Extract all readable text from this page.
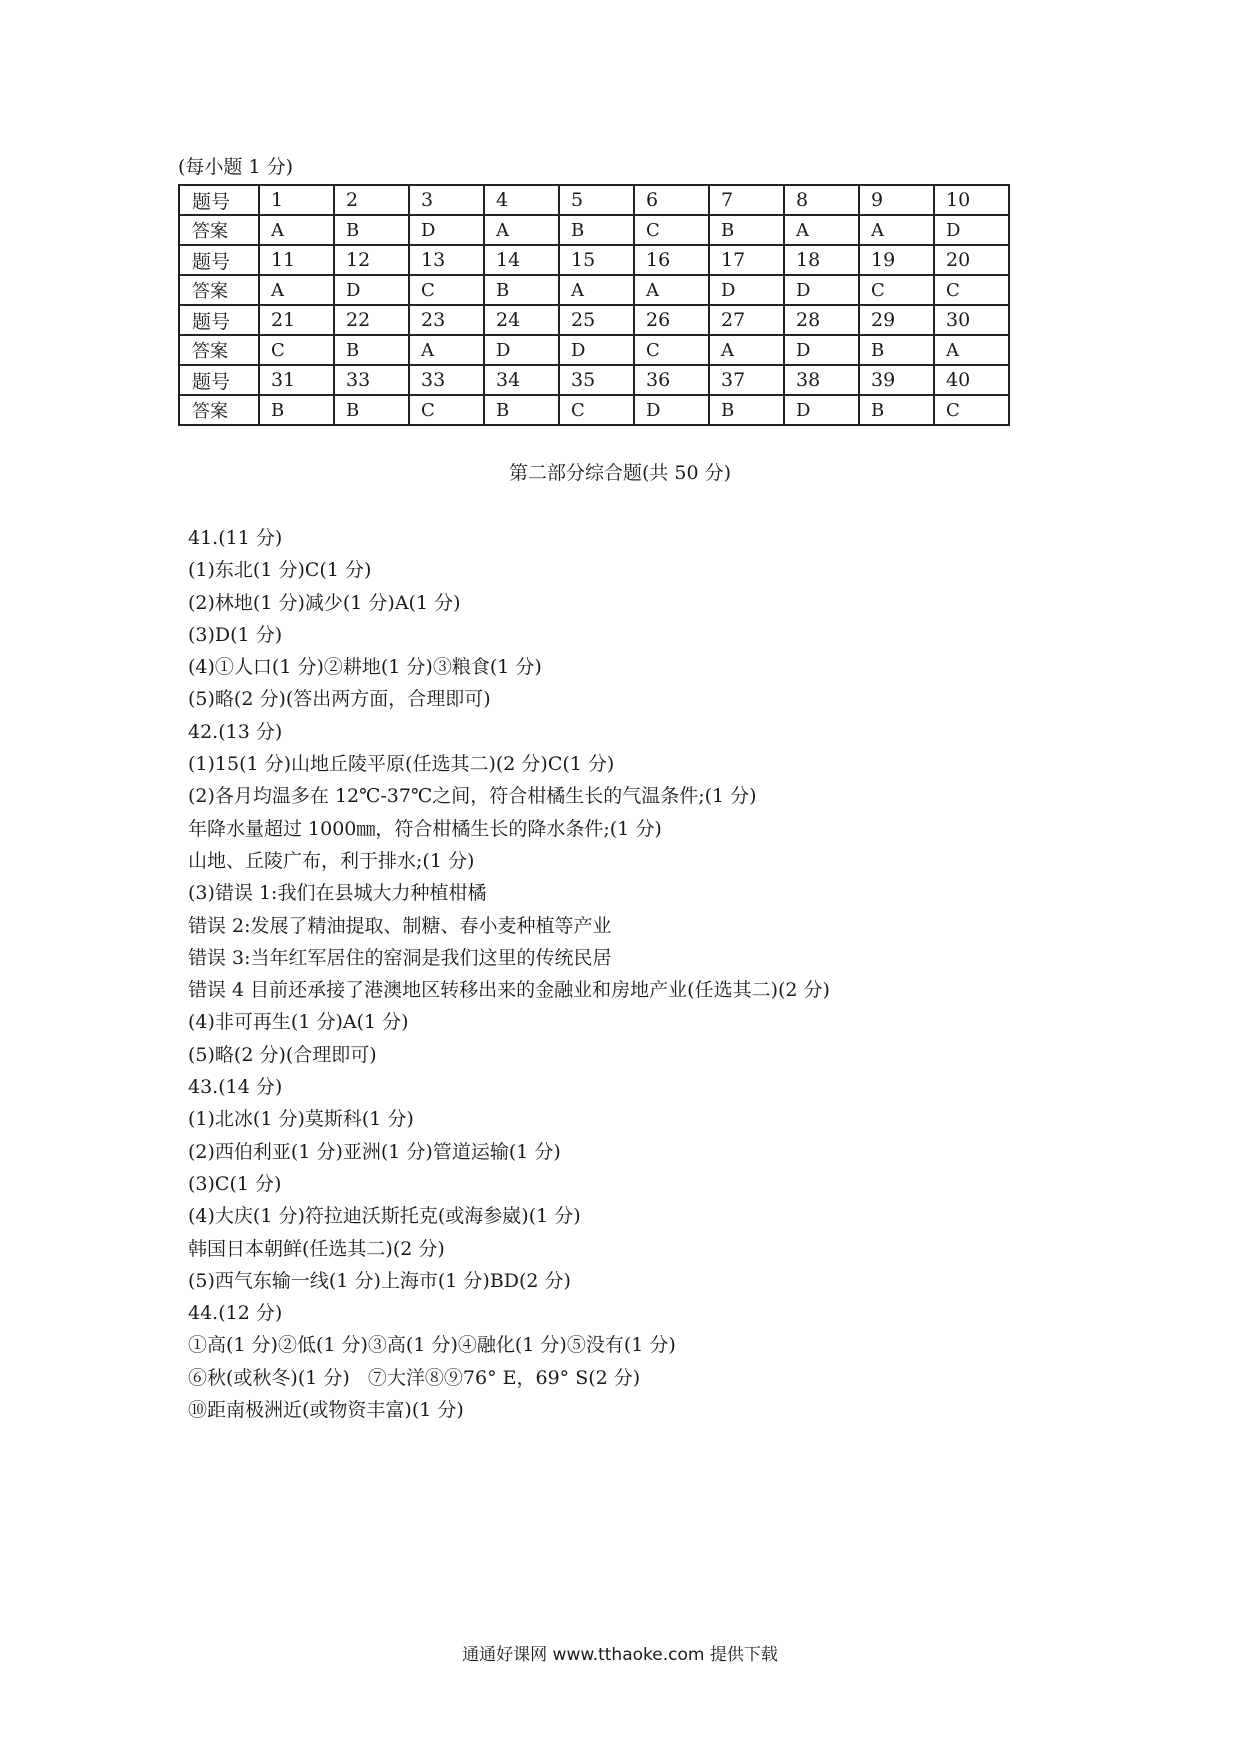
(每小题 1 分)
题号	1	2	3	4	5	6	7	8	9	10
答案	A	B	D	A	B	C	B	A	A	D
题号	11	12	13	14	15	16	17	18	19	20
答案	A	D	C	B	A	A	D	D	C	C
题号	21	22	23	24	25	26	27	28	29	30
答案	C	B	A	D	D	C	A	D	B	A
题号	31	33	33	34	35	36	37	38	39	40
答案	B	B	C	B	C	D	B	D	B	C
第二部分综合题(共 50 分)
41.(11 分)
(1)东北(1 分)C(1 分)
(2)林地(1 分)减少(1 分)A(1 分)
(3)D(1 分)
(4)①人口(1 分)②耕地(1 分)③粮食(1 分)
(5)略(2 分)(答出两方面，合理即可)
42.(13 分)
(1)15(1 分)山地丘陵平原(任选其二)(2 分)C(1 分)
(2)各月均温多在 12℃-37℃之间，符合柑橘生长的气温条件;(1 分)
年降水量超过 1000㎜，符合柑橘生长的降水条件;(1 分)
山地、丘陵广布，利于排水;(1 分)
(3)错误 1:我们在县城大力种植柑橘
错误 2:发展了精油提取、制糖、春小麦种植等产业
错误 3:当年红军居住的窑洞是我们这里的传统民居
错误 4 目前还承接了港澳地区转移出来的金融业和房地产业(任选其二)(2 分)
(4)非可再生(1 分)A(1 分)
(5)略(2 分)(合理即可)
43.(14 分)
(1)北冰(1 分)莫斯科(1 分)
(2)西伯利亚(1 分)亚洲(1 分)管道运输(1 分)
(3)C(1 分)
(4)大庆(1 分)符拉迪沃斯托克(或海参崴)(1 分)
韩国日本朝鲜(任选其二)(2 分)
(5)西气东输一线(1 分)上海市(1 分)BD(2 分)
44.(12 分)
①高(1 分)②低(1 分)③高(1 分)④融化(1 分)⑤没有(1 分)
⑥秋(或秋冬)(1 分)   ⑦大洋⑧⑨76° E，69° S(2 分)
⑩距南极洲近(或物资丰富)(1 分)
通通好课网 www.tthaoke.com 提供下载
